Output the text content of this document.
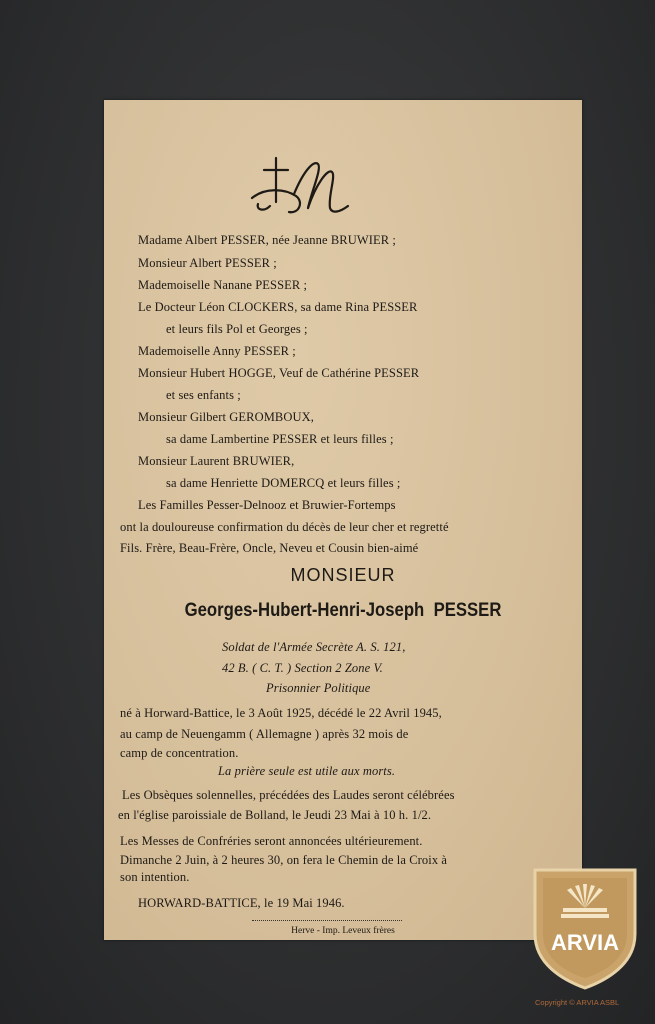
Madame Albert PESSER, née Jeanne BRUWIER ;
Monsieur Albert PESSER ;
Mademoiselle Nanane PESSER ;
Le Docteur Léon CLOCKERS, sa dame Rina PESSER
et leurs fils Pol et Georges ;
Mademoiselle Anny PESSER ;
Monsieur Hubert HOGGE, Veuf de Cathérine PESSER
et ses enfants ;
Monsieur Gilbert GEROMBOUX,
sa dame Lambertine PESSER et leurs filles ;
Monsieur Laurent BRUWIER,
sa dame Henriette DOMERCQ et leurs filles ;
Les Familles Pesser-Delnooz et Bruwier-Fortemps
ont la douloureuse confirmation du décès de leur cher et regretté
Fils. Frère, Beau-Frère, Oncle, Neveu et Cousin bien-aimé
MONSIEUR
Georges-Hubert-Henri-Joseph  PESSER
Soldat de l'Armée Secrète A. S. 121,
42 B. ( C. T. ) Section 2 Zone V.
Prisonnier Politique
né à Horward-Battice, le 3 Août 1925, décédé le 22 Avril 1945,
au camp de Neuengamm ( Allemagne ) après 32 mois de
camp de concentration.
La prière seule est utile aux morts.
Les Obsèques solennelles, précédées des Laudes seront célébrées
en l'église paroissiale de Bolland, le Jeudi 23 Mai à 10 h. 1/2.
Les Messes de Confréries seront annoncées ultérieurement.
Dimanche 2 Juin, à 2 heures 30, on fera le Chemin de la Croix à
son intention.
HORWARD-BATTICE, le 19 Mai 1946.
Herve - Imp. Leveux frères	ARVIA
Copyright © ARVIA ASBL
